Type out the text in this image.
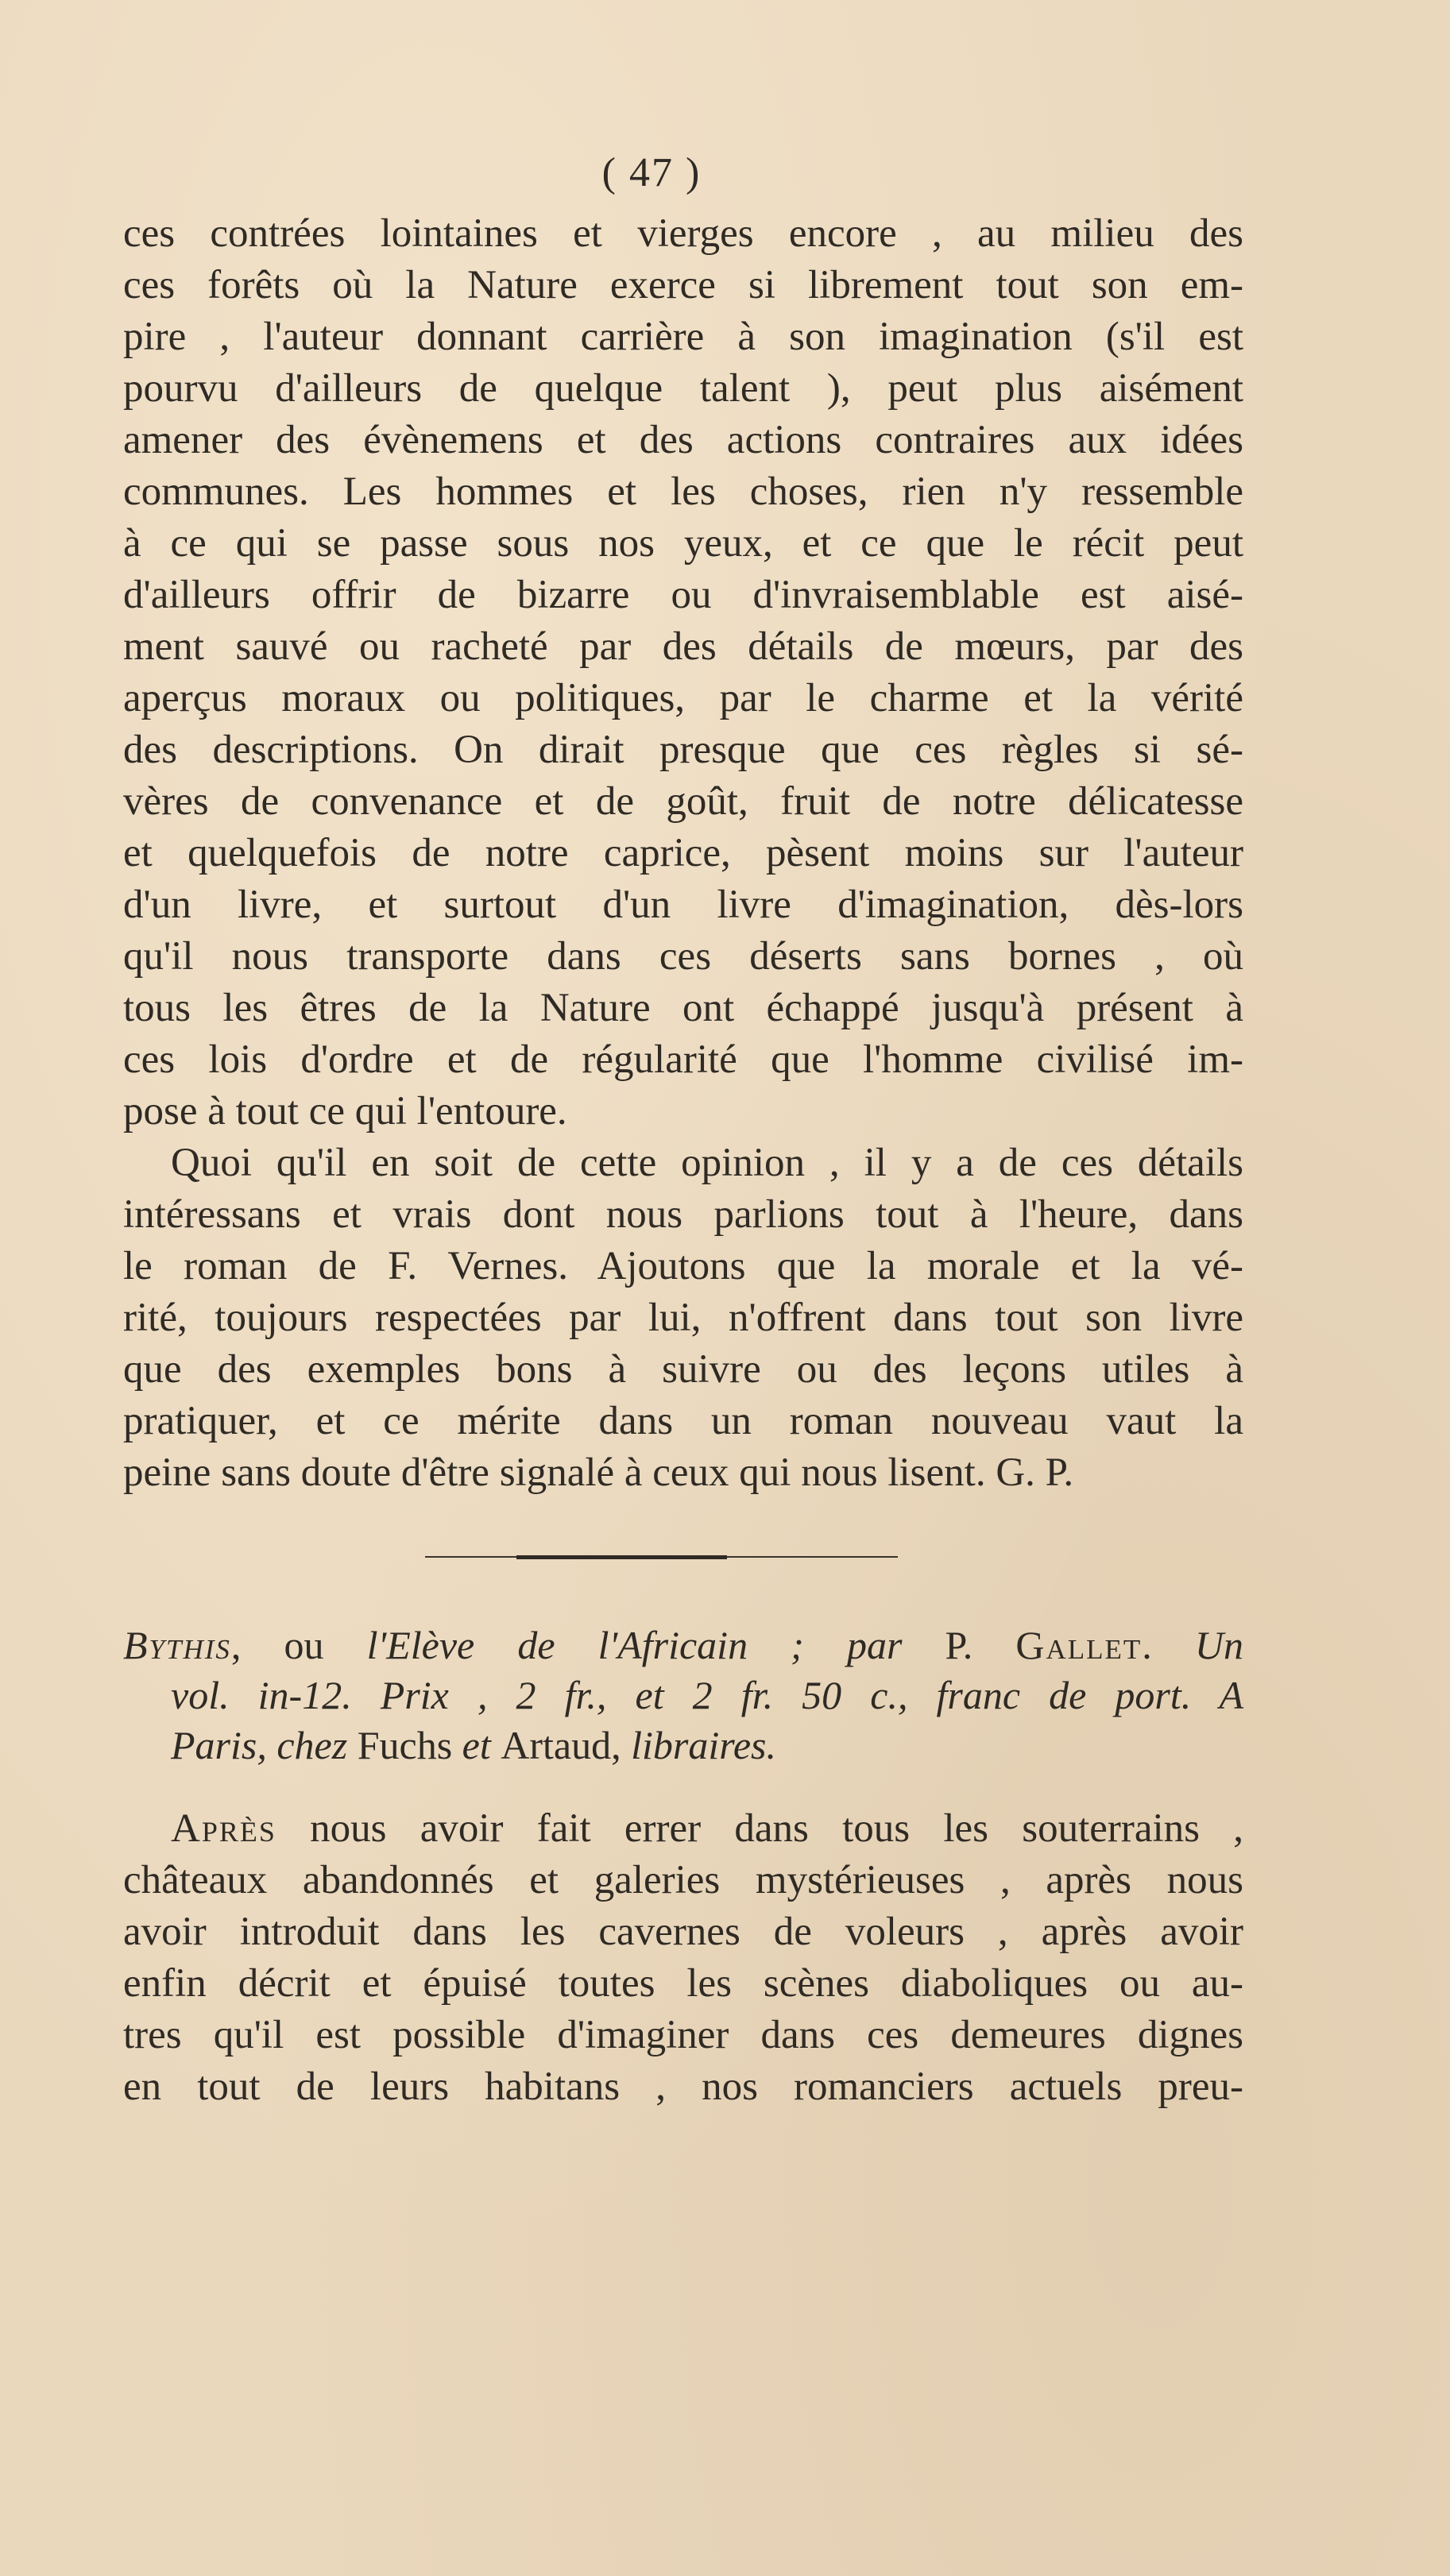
( 47 )
ces contrées lointaines et vierges encore , au milieu des
ces forêts où la Nature exerce si librement tout son em-
pire , l'auteur donnant carrière à son imagination (s'il est
pourvu d'ailleurs de quelque talent ), peut plus aisément
amener des évènemens et des actions contraires aux idées
communes. Les hommes et les choses, rien n'y ressemble
à ce qui se passe sous nos yeux, et ce que le récit peut
d'ailleurs offrir de bizarre ou d'invraisemblable est aisé-
ment sauvé ou racheté par des détails de mœurs, par des
aperçus moraux ou politiques, par le charme et la vérité
des descriptions. On dirait presque que ces règles si sé-
vères de convenance et de goût, fruit de notre délicatesse
et quelquefois de notre caprice, pèsent moins sur l'auteur
d'un livre, et surtout d'un livre d'imagination, dès-lors
qu'il nous transporte dans ces déserts sans bornes , où
tous les êtres de la Nature ont échappé jusqu'à présent à
ces lois d'ordre et de régularité que l'homme civilisé im-
pose à tout ce qui l'entoure.
Quoi qu'il en soit de cette opinion , il y a de ces détails
intéressans et vrais dont nous parlions tout à l'heure, dans
le roman de F. Vernes. Ajoutons que la morale et la vé-
rité, toujours respectées par lui, n'offrent dans tout son livre
que des exemples bons à suivre ou des leçons utiles à
pratiquer, et ce mérite dans un roman nouveau vaut la
peine sans doute d'être signalé à ceux qui nous lisent. G. P.
Bythis, ou l'Elève de l'Africain ; par P. Gallet. Un
vol. in-12. Prix , 2 fr., et 2 fr. 50 c., franc de port. A
Paris, chez Fuchs et Artaud, libraires.
Après nous avoir fait errer dans tous les souterrains ,
châteaux abandonnés et galeries mystérieuses , après nous
avoir introduit dans les cavernes de voleurs , après avoir
enfin décrit et épuisé toutes les scènes diaboliques ou au-
tres qu'il est possible d'imaginer dans ces demeures dignes
en tout de leurs habitans , nos romanciers actuels preu-
